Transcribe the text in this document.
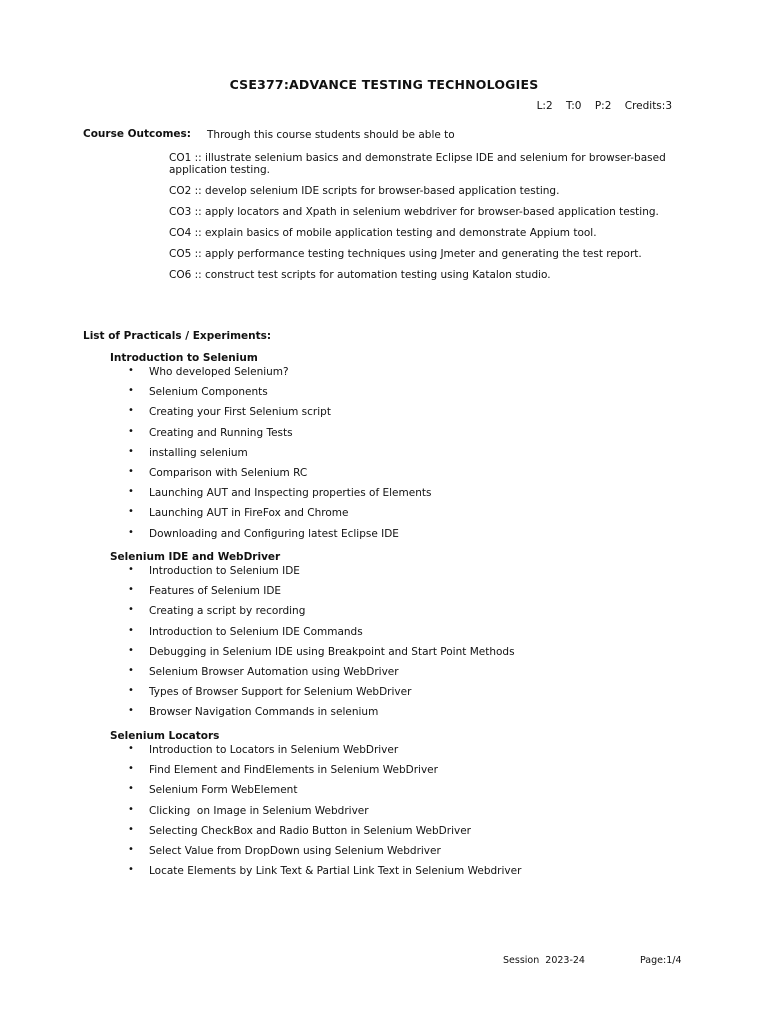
CSE377:ADVANCE TESTING TECHNOLOGIES
L:2 T:0 P:2 Credits:3
Course Outcomes: Through this course students should be able to
CO1 :: illustrate selenium basics and demonstrate Eclipse IDE and selenium for browser-based application testing.
CO2 :: develop selenium IDE scripts for browser-based application testing.
CO3 :: apply locators and Xpath in selenium webdriver for browser-based application testing.
CO4 :: explain basics of mobile application testing and demonstrate Appium tool.
CO5 :: apply performance testing techniques using Jmeter and generating the test report.
CO6 :: construct test scripts for automation testing using Katalon studio.
List of Practicals / Experiments:
Introduction to Selenium
• Who developed Selenium?
• Selenium Components
• Creating your First Selenium script
• Creating and Running Tests
• installing selenium
• Comparison with Selenium RC
• Launching AUT and Inspecting properties of Elements
• Launching AUT in FireFox and Chrome
• Downloading and Configuring latest Eclipse IDE
Selenium IDE and WebDriver
• Introduction to Selenium IDE
• Features of Selenium IDE
• Creating a script by recording
• Introduction to Selenium IDE Commands
• Debugging in Selenium IDE using Breakpoint and Start Point Methods
• Selenium Browser Automation using WebDriver
• Types of Browser Support for Selenium WebDriver
• Browser Navigation Commands in selenium
Selenium Locators
• Introduction to Locators in Selenium WebDriver
• Find Element and FindElements in Selenium WebDriver
• Selenium Form WebElement
• Clicking  on Image in Selenium Webdriver
• Selecting CheckBox and Radio Button in Selenium WebDriver
• Select Value from DropDown using Selenium Webdriver
• Locate Elements by Link Text & Partial Link Text in Selenium Webdriver
Session  2023-24	Page:1/4
